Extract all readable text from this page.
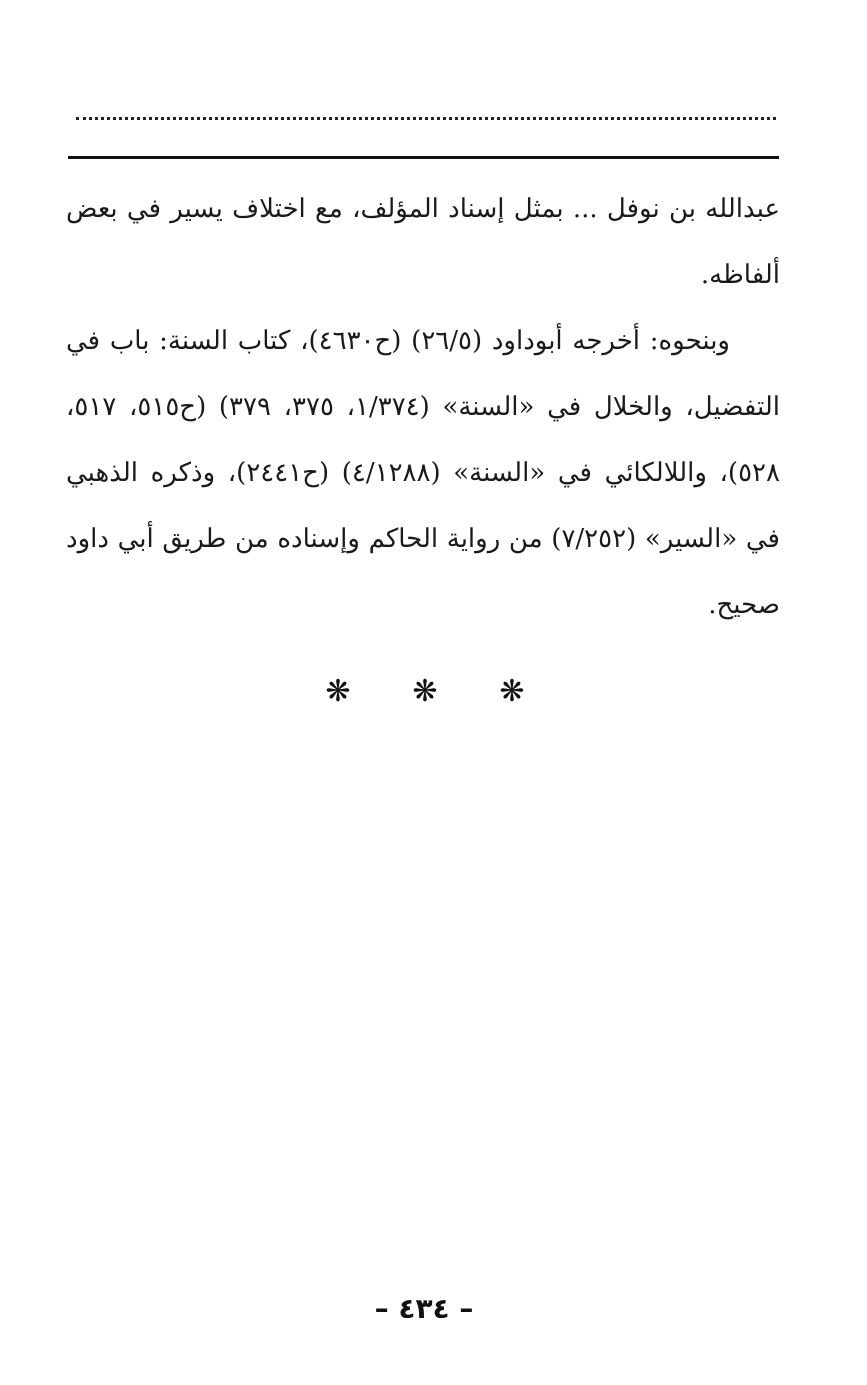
عبدالله بن نوفل ... بمثل إسناد المؤلف، مع اختلاف يسير في بعض ألفاظه.

وبنحوه: أخرجه أبوداود (٢٦/٥) (ح٤٦٣٠)، كتاب السنة: باب في التفضيل، والخلال في «السنة» (١/٣٧٤، ٣٧٥، ٣٧٩) (ح٥١٥، ٥١٧، ٥٢٨)، واللالكائي في «السنة» (٤/١٢٨٨) (ح٢٤٤١)، وذكره الذهبي في «السير» (٧/٢٥٢) من رواية الحاكم وإسناده من طريق أبي داود صحيح.

❋ ❋ ❋
– ٤٣٤ –
